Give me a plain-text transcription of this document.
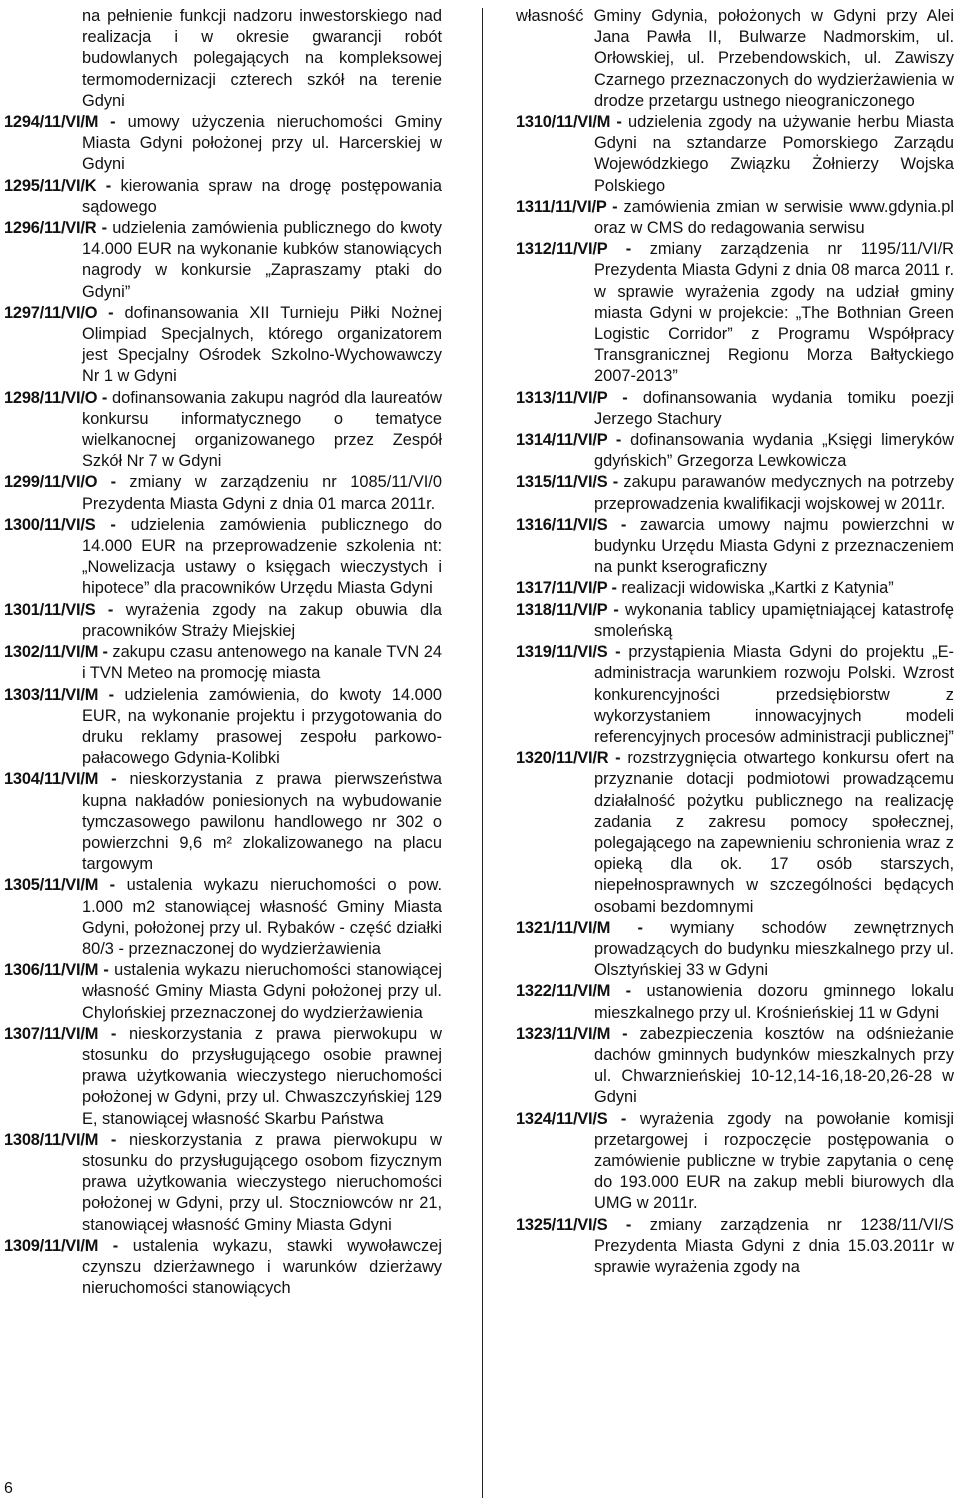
na pełnienie funkcji nadzoru inwestorskiego nad realizacja i w okresie gwarancji robót budowlanych polegających na kompleksowej termomodernizacji czterech szkół na terenie Gdyni

1294/11/VI/M - umowy użyczenia nieruchomości Gminy Miasta Gdyni położonej przy ul. Harcerskiej w Gdyni

1295/11/VI/K - kierowania spraw na drogę postępowania sądowego

1296/11/VI/R - udzielenia zamówienia publicznego do kwoty 14.000 EUR na wykonanie kubków stanowiących nagrody w konkursie „Zapraszamy ptaki do Gdyni”

1297/11/VI/O - dofinansowania XII Turnieju Piłki Nożnej Olimpiad Specjalnych, którego organizatorem jest Specjalny Ośrodek Szkolno-Wychowawczy Nr 1 w Gdyni

1298/11/VI/O - dofinansowania zakupu nagród dla laureatów konkursu informatycznego o tematyce wielkanocnej organizowanego przez Zespół Szkół Nr 7 w Gdyni

1299/11/VI/O - zmiany w zarządzeniu nr 1085/11/VI/0 Prezydenta Miasta Gdyni z dnia 01 marca 2011r.

1300/11/VI/S - udzielenia zamówienia publicznego do 14.000 EUR na przeprowadzenie szkolenia nt: „Nowelizacja ustawy o księgach wieczystych i hipotece” dla pracowników Urzędu Miasta Gdyni

1301/11/VI/S - wyrażenia zgody na zakup obuwia dla pracowników Straży Miejskiej

1302/11/VI/M - zakupu czasu antenowego na kanale TVN 24 i TVN Meteo na promocję miasta

1303/11/VI/M - udzielenia zamówienia, do kwoty 14.000 EUR, na wykonanie projektu i przygotowania do druku reklamy prasowej zespołu parkowo-pałacowego Gdynia-Kolibki

1304/11/VI/M - nieskorzystania z prawa pierwszeństwa kupna nakładów poniesionych na wybudowanie tymczasowego pawilonu handlowego nr 302 o powierzchni 9,6 m² zlokalizowanego na placu targowym

1305/11/VI/M - ustalenia wykazu nieruchomości o pow. 1.000 m2 stanowiącej własność Gminy Miasta Gdyni, położonej przy ul. Rybaków - część działki 80/3 - przeznaczonej do wydzierżawienia

1306/11/VI/M - ustalenia wykazu nieruchomości stanowiącej własność Gminy Miasta Gdyni położonej przy ul. Chylońskiej przeznaczonej do wydzierżawienia

1307/11/VI/M - nieskorzystania z prawa pierwokupu w stosunku do przysługującego osobie prawnej prawa użytkowania wieczystego nieruchomości położonej w Gdyni, przy ul. Chwaszczyńskiej 129 E, stanowiącej własność Skarbu Państwa

1308/11/VI/M - nieskorzystania z prawa pierwokupu w stosunku do przysługującego osobom fizycznym prawa użytkowania wieczystego nieruchomości położonej w Gdyni, przy ul. Stoczniowców nr 21, stanowiącej własność Gminy Miasta Gdyni

1309/11/VI/M - ustalenia wykazu, stawki wywoławczej czynszu dzierżawnego i warunków dzierżawy nieruchomości stanowiących

własność Gminy Gdynia, położonych w Gdyni przy Alei Jana Pawła II, Bulwarze Nadmorskim, ul. Orłowskiej, ul. Przebendowskich, ul. Zawiszy Czarnego przeznaczonych do wydzierżawienia w drodze przetargu ustnego nieograniczonego

1310/11/VI/M - udzielenia zgody na używanie herbu Miasta Gdyni na sztandarze Pomorskiego Zarządu Wojewódzkiego Związku Żołnierzy Wojska Polskiego

1311/11/VI/P - zamówienia zmian w serwisie www.gdynia.pl oraz w CMS do redagowania serwisu

1312/11/VI/P - zmiany zarządzenia nr 1195/11/VI/R Prezydenta Miasta Gdyni z dnia 08 marca 2011 r. w sprawie wyrażenia zgody na udział gminy miasta Gdyni w projekcie: „The Bothnian Green Logistic Corridor” z Programu Współpracy Transgranicznej Regionu Morza Bałtyckiego 2007-2013”

1313/11/VI/P - dofinansowania wydania tomiku poezji Jerzego Stachury

1314/11/VI/P - dofinansowania wydania „Księgi limeryków gdyńskich” Grzegorza Lewkowicza

1315/11/VI/S - zakupu parawanów medycznych na potrzeby przeprowadzenia kwalifikacji wojskowej w 2011r.

1316/11/VI/S - zawarcia umowy najmu powierzchni w budynku Urzędu Miasta Gdyni z przeznaczeniem na punkt kserograficzny

1317/11/VI/P - realizacji widowiska „Kartki z Katynia”

1318/11/VI/P - wykonania tablicy upamiętniającej katastrofę smoleńską

1319/11/VI/S - przystąpienia Miasta Gdyni do projektu „E-administracja warunkiem rozwoju Polski. Wzrost konkurencyjności przedsiębiorstw z wykorzystaniem innowacyjnych modeli referencyjnych procesów administracji publicznej”

1320/11/VI/R - rozstrzygnięcia otwartego konkursu ofert na przyznanie dotacji podmiotowi prowadzącemu działalność pożytku publicznego na realizację zadania z zakresu pomocy społecznej, polegającego na zapewnieniu schronienia wraz z opieką dla ok. 17 osób starszych, niepełnosprawnych w szczególności będących osobami bezdomnymi

1321/11/VI/M - wymiany schodów zewnętrznych prowadzących do budynku mieszkalnego przy ul. Olsztyńskiej 33 w Gdyni

1322/11/VI/M - ustanowienia dozoru gminnego lokalu mieszkalnego przy ul. Krośnieńskiej 11 w Gdyni

1323/11/VI/M - zabezpieczenia kosztów na odśnieżanie dachów gminnych budynków mieszkalnych przy ul. Chwarznieńskiej 10-12,14-16,18-20,26-28 w Gdyni

1324/11/VI/S - wyrażenia zgody na powołanie komisji przetargowej i rozpoczęcie postępowania o zamówienie publiczne w trybie zapytania o cenę do 193.000 EUR na zakup mebli biurowych dla UMG w 2011r.

1325/11/VI/S - zmiany zarządzenia nr 1238/11/VI/S Prezydenta Miasta Gdyni z dnia 15.03.2011r w sprawie wyrażenia zgody na

6
